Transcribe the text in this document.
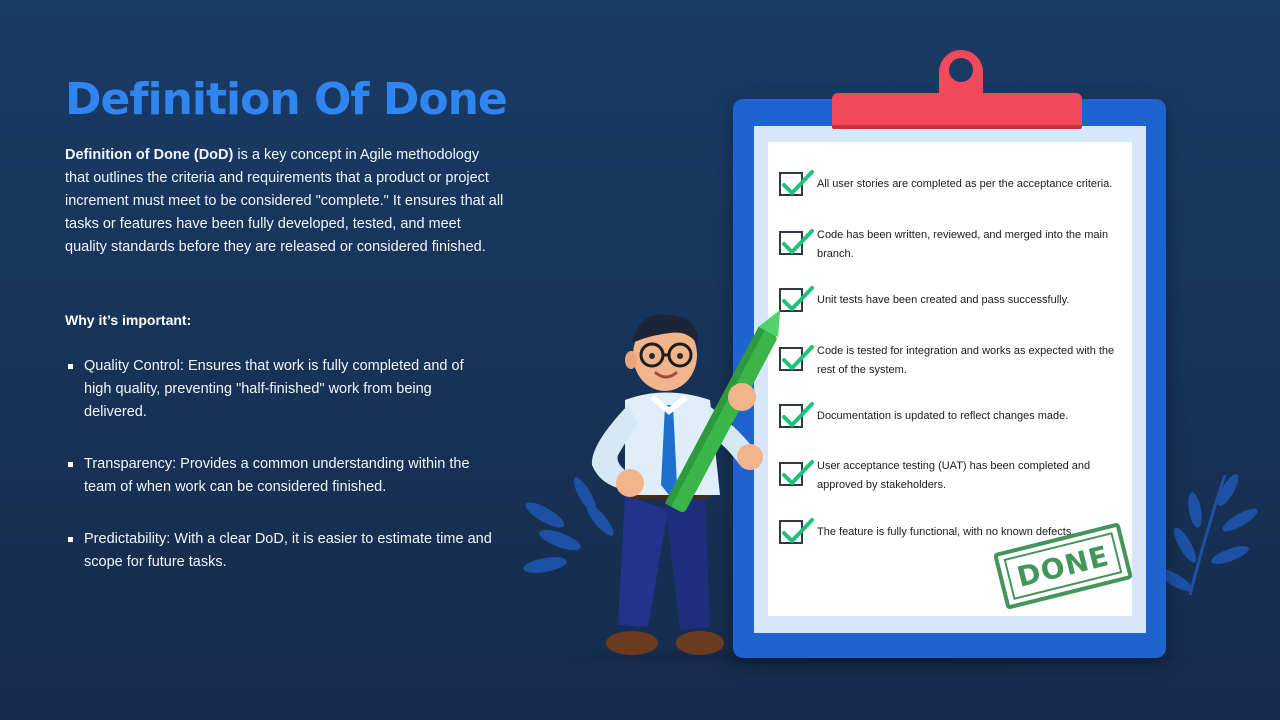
Definition Of Done

Definition of Done (DoD) is a key concept in Agile methodology that outlines the criteria and requirements that a product or project increment must meet to be considered "complete." It ensures that all tasks or features have been fully developed, tested, and meet quality standards before they are released or considered finished.

Why it’s important:
Quality Control: Ensures that work is fully completed and of high quality, preventing "half-finished" work from being delivered.
Transparency: Provides a common understanding within the team of when work can be considered finished.
Predictability: With a clear DoD, it is easier to estimate time and scope for future tasks.
All user stories are completed as per the acceptance criteria.
Code has been written, reviewed, and merged into the main branch.
Unit tests have been created and pass successfully.
Code is tested for integration and works as expected with the rest of the system.
Documentation is updated to reflect changes made.
User acceptance testing (UAT) has been completed and approved by stakeholders.
The feature is fully functional, with no known defects.
DONE
